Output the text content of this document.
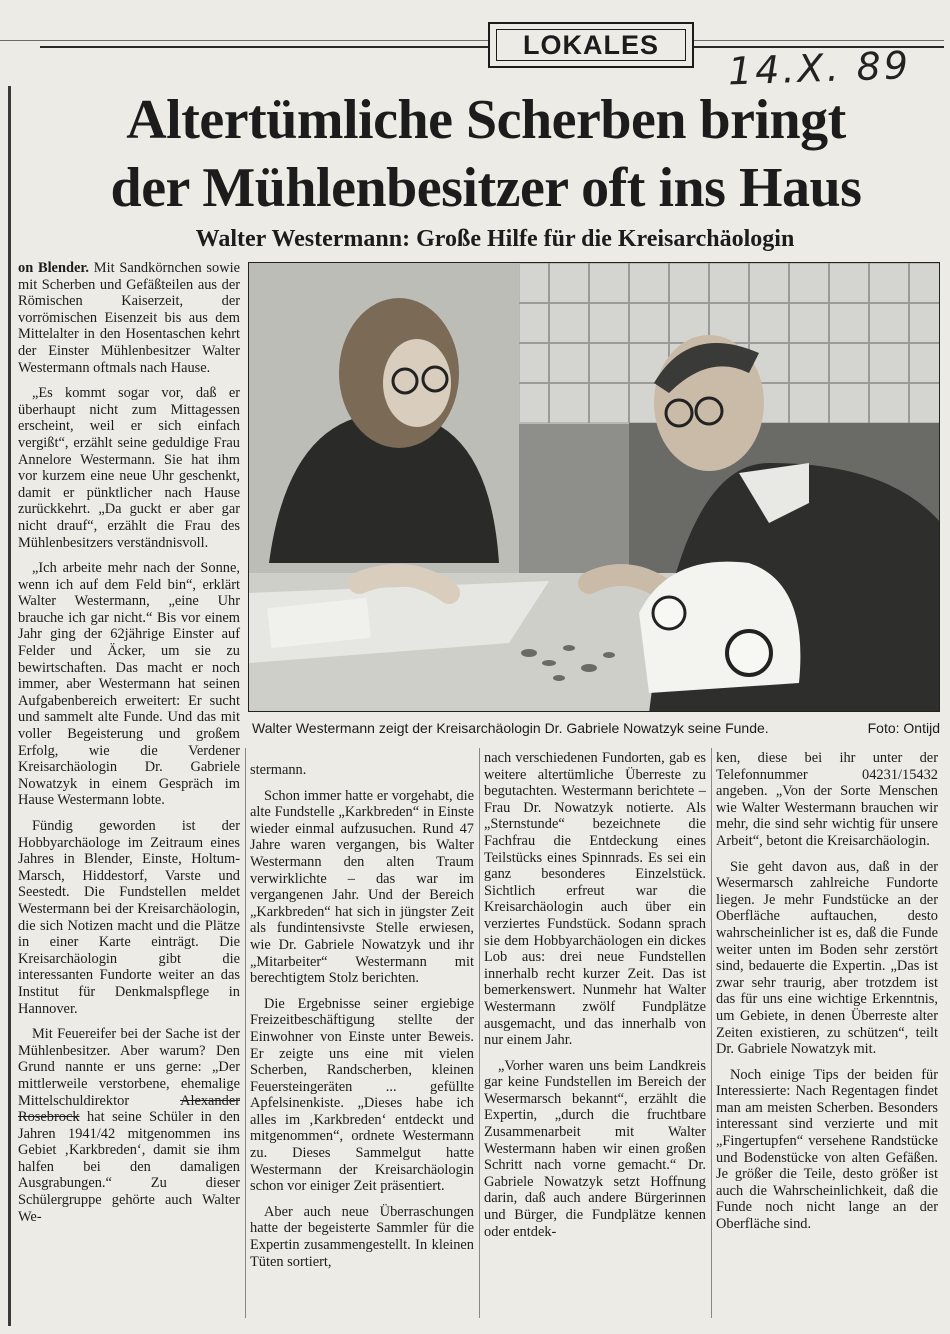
LOKALES	14.X. 89
Altertümliche Scherben bringt
der Mühlenbesitzer oft ins Haus
Walter Westermann: Große Hilfe für die Kreisarchäologin
Walter Westermann zeigt der Kreisarchäologin Dr. Gabriele Nowatzyk seine Funde.	Foto: Ontijd

on Blender. Mit Sandkörnchen sowie mit Scherben und Gefäßteilen aus der Römischen Kaiserzeit, der vorrömischen Eisenzeit bis aus dem Mittelalter in den Hosentaschen kehrt der Einster Mühlenbesitzer Walter Westermann oftmals nach Hause.

„Es kommt sogar vor, daß er überhaupt nicht zum Mittagessen erscheint, weil er sich einfach vergißt“, erzählt seine geduldige Frau Annelore Westermann. Sie hat ihm vor kurzem eine neue Uhr geschenkt, damit er pünktlicher nach Hause zurückkehrt. „Da guckt er aber gar nicht drauf“, erzählt die Frau des Mühlenbesitzers verständnisvoll.

„Ich arbeite mehr nach der Sonne, wenn ich auf dem Feld bin“, erklärt Walter Westermann, „eine Uhr brauche ich gar nicht.“ Bis vor einem Jahr ging der 62jährige Einster auf Felder und Äcker, um sie zu bewirtschaften. Das macht er noch immer, aber Westermann hat seinen Aufgabenbereich erweitert: Er sucht und sammelt alte Funde. Und das mit voller Begeisterung und großem Erfolg, wie die Verdener Kreisarchäologin Dr. Gabriele Nowatzyk in einem Gespräch im Hause Westermann lobte.

Fündig geworden ist der Hobbyarchäologe im Zeitraum eines Jahres in Blender, Einste, Holtum-Marsch, Hiddestorf, Varste und Seestedt. Die Fundstellen meldet Westermann bei der Kreisarchäologin, die sich Notizen macht und die Plätze in einer Karte einträgt. Die Kreisarchäologin gibt die interessanten Fundorte weiter an das Institut für Denkmalspflege in Hannover.

Mit Feuereifer bei der Sache ist der Mühlenbesitzer. Aber warum? Den Grund nannte er uns gerne: „Der mittlerweile verstorbene, ehemalige Mittelschuldirektor Alexander Rosebrock hat seine Schüler in den Jahren 1941/42 mitgenommen ins Gebiet ‚Karkbreden‘, damit sie ihm halfen bei den damaligen Ausgrabungen.“ Zu dieser Schülergruppe gehörte auch Walter We-

stermann.

Schon immer hatte er vorgehabt, die alte Fundstelle „Karkbreden“ in Einste wieder einmal aufzusuchen. Rund 47 Jahre waren vergangen, bis Walter Westermann den alten Traum verwirklichte – das war im vergangenen Jahr. Und der Bereich „Karkbreden“ hat sich in jüngster Zeit als fundintensivste Stelle erwiesen, wie Dr. Gabriele Nowatzyk und ihr „Mitarbeiter“ Westermann mit berechtigtem Stolz berichten.

Die Ergebnisse seiner ergiebige Freizeitbeschäftigung stellte der Einwohner von Einste unter Beweis. Er zeigte uns eine mit vielen Scherben, Randscherben, kleinen Feuersteingeräten ... gefüllte Apfelsinenkiste. „Dieses habe ich alles im ‚Karkbreden‘ entdeckt und mitgenommen“, ordnete Westermann zu. Dieses Sammelgut hatte Westermann der Kreisarchäologin schon vor einiger Zeit präsentiert.

Aber auch neue Überraschungen hatte der begeisterte Sammler für die Expertin zusammengestellt. In kleinen Tüten sortiert,

nach verschiedenen Fundorten, gab es weitere altertümliche Überreste zu begutachten. Westermann berichtete – Frau Dr. Nowatzyk notierte. Als „Sternstunde“ bezeichnete die Fachfrau die Entdeckung eines Teilstücks eines Spinnrads. Es sei ein ganz besonderes Einzelstück. Sichtlich erfreut war die Kreisarchäologin auch über ein verziertes Fundstück. Sodann sprach sie dem Hobbyarchäologen ein dickes Lob aus: drei neue Fundstellen innerhalb recht kurzer Zeit. Das ist bemerkenswert. Nunmehr hat Walter Westermann zwölf Fundplätze ausgemacht, und das innerhalb von nur einem Jahr.

„Vorher waren uns beim Landkreis gar keine Fundstellen im Bereich der Wesermarsch bekannt“, erzählt die Expertin, „durch die fruchtbare Zusammenarbeit mit Walter Westermann haben wir einen großen Schritt nach vorne gemacht.“ Dr. Gabriele Nowatzyk setzt Hoffnung darin, daß auch andere Bürgerinnen und Bürger, die Fundplätze kennen oder entdek-

ken, diese bei ihr unter der Telefonnummer 04231/15432 angeben. „Von der Sorte Menschen wie Walter Westermann brauchen wir mehr, die sind sehr wichtig für unsere Arbeit“, betont die Kreisarchäologin.

Sie geht davon aus, daß in der Wesermarsch zahlreiche Fundorte liegen. Je mehr Fundstücke an der Oberfläche auftauchen, desto wahrscheinlicher ist es, daß die Funde weiter unten im Boden sehr zerstört sind, bedauerte die Expertin. „Das ist zwar sehr traurig, aber trotzdem ist das für uns eine wichtige Erkenntnis, um Gebiete, in denen Überreste alter Zeiten existieren, zu schützen“, teilt Dr. Gabriele Nowatzyk mit.

Noch einige Tips der beiden für Interessierte: Nach Regentagen findet man am meisten Scherben. Besonders interessant sind verzierte und mit „Fingertupfen“ versehene Randstücke und Bodenstücke von alten Gefäßen. Je größer die Teile, desto größer ist auch die Wahrscheinlichkeit, daß die Funde noch nicht lange an der Oberfläche sind.
